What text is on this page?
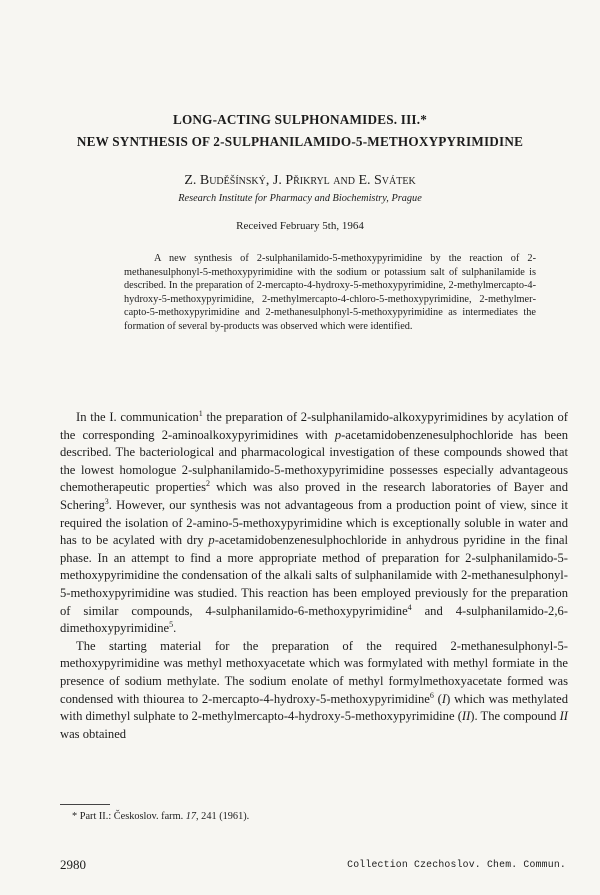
LONG-ACTING SULPHONAMIDES. III.*
NEW SYNTHESIS OF 2-SULPHANILAMIDO-5-METHOXYPYRIMIDINE
Z. Buděšínský, J. Přikryl and E. Svátek
Research Institute for Pharmacy and Biochemistry, Prague
Received February 5th, 1964

A new synthesis of 2-sulphanilamido-5-methoxypyrimidine by the reaction of 2-methanesulphonyl-5-methoxypyrimidine with the sodium or potassium salt of sulphanilamide is described. In the preparation of 2-mercapto-4-hydroxy-5-methoxypyrimidine, 2-methylmercapto-4-hydroxy-5-methoxypyrimidine, 2-methylmercapto-4-chloro-5-methoxypyrimidine, 2-methylmercapto-5-methoxypyrimidine and 2-methanesulphonyl-5-methoxypyrimidine as intermediates the formation of several by-products was observed which were identified.

In the I. communication$^1$ the preparation of 2-sulphanilamido-alkoxypyrimidines by acylation of the corresponding 2-aminoalkoxypyrimidines with p-acetamidobenzenesulphochloride has been described. The bacteriological and pharmacological investigation of these compounds showed that the lowest homologue 2-sulphanilamido-5-methoxypyrimidine possesses especially advantageous chemotherapeutic properties$^2$ which was also proved in the research laboratories of Bayer and Schering$^3$. However, our synthesis was not advantageous from a production point of view, since it required the isolation of 2-amino-5-methoxypyrimidine which is exceptionally soluble in water and has to be acylated with dry p-acetamidobenzenesulphochloride in anhydrous pyridine in the final phase. In an attempt to find a more appropriate method of preparation for 2-sulphanilamido-5-methoxypyrimidine the condensation of the alkali salts of sulphanilamide with 2-methanesulphonyl-5-methoxypyrimidine was studied. This reaction has been employed previously for the preparation of similar compounds, 4-sulphanilamido-6-methoxypyrimidine$^4$ and 4-sulphanilamido-2,6-dimethoxypyrimidine$^5$.

The starting material for the preparation of the required 2-methanesulphonyl-5-methoxypyrimidine was methyl methoxyacetate which was formylated with methyl formiate in the presence of sodium methylate. The sodium enolate of methyl formylmethoxyacetate formed was condensed with thiourea to 2-mercapto-4-hydroxy-5-methoxypyrimidine$^6$ (I) which was methylated with dimethyl sulphate to 2-methylmercapto-4-hydroxy-5-methoxypyrimidine (II). The compound II was obtained

* Part II.: Českoslov. farm. 17, 241 (1961).
2980	Collection Czechoslov. Chem. Commun.
